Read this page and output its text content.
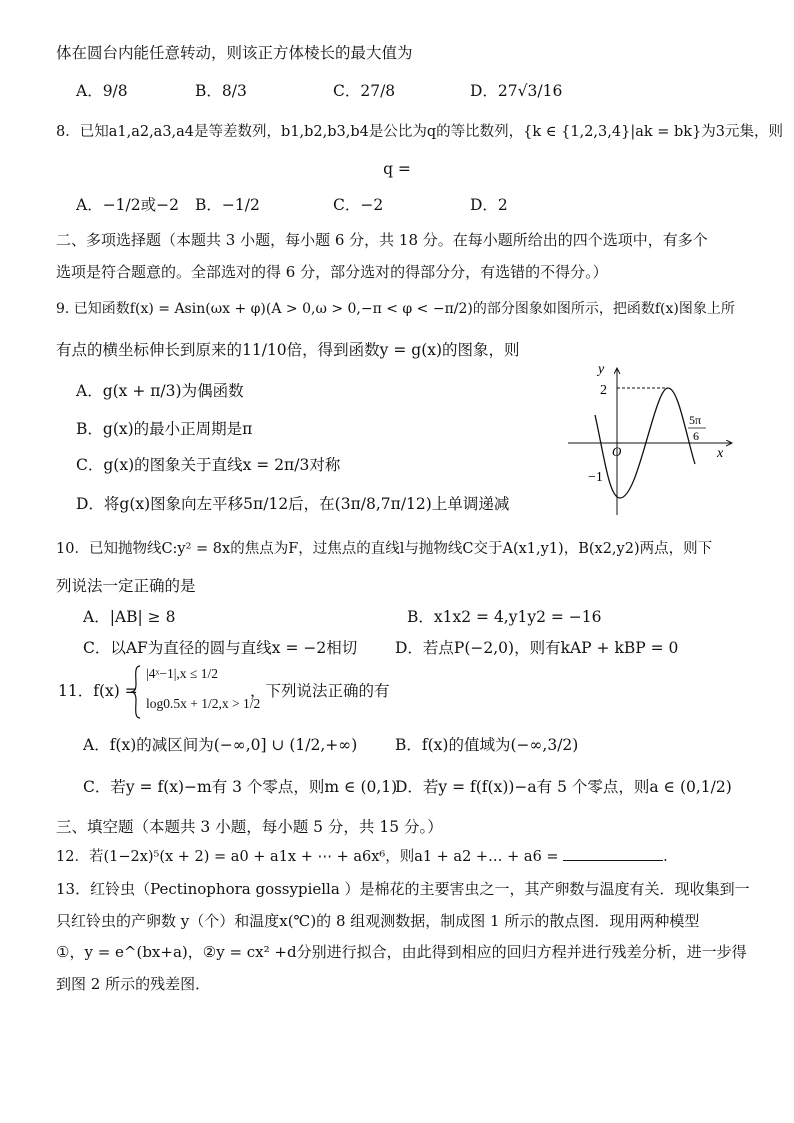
体在圆台内能任意转动，则该正方体棱长的最大值为
A．9/8	B．8/3	C．27/8	D．27√3/16
8．已知a1,a2,a3,a4是等差数列，b1,b2,b3,b4是公比为q的等比数列，{k ∈ {1,2,3,4}|ak = bk}为3元集，则
q =
A．−1/2或−2 B．−1/2	C．−2	D．2
二、多项选择题（本题共 3 小题，每小题 6 分，共 18 分。在每小题所给出的四个选项中，有多个
选项是符合题意的。全部选对的得 6 分，部分选对的得部分分，有选错的不得分。）
9. 已知函数f(x) = Asin(ωx + φ)(A > 0,ω > 0,−π < φ < −π/2)的部分图象如图所示，把函数f(x)图象上所
有点的横坐标伸长到原来的11/10倍，得到函数y = g(x)的图象，则
A．g(x + π/3)为偶函数
B．g(x)的最小正周期是π
C．g(x)的图象关于直线x = 2π/3对称
D．将g(x)图象向左平移5π/12后，在(3π/8,7π/12)上单调递减
y
x
O
2
−1
5π
6
10．已知抛物线C:y² = 8x的焦点为F，过焦点的直线l与抛物线C交于A(x1,y1)，B(x2,y2)两点，则下
列说法一定正确的是
A．|AB| ≥ 8	B．x1x2 = 4,y1y2 = −16
C．以AF为直径的圆与直线x = −2相切 D．若点P(−2,0)，则有kAP + kBP = 0
11．f(x) =
|4ˣ−1|,x ≤ 1/2
log0.5x + 1/2,x > 1/2
，下列说法正确的有
A．f(x)的减区间为(−∞,0] ∪ (1/2,+∞) B．f(x)的值域为(−∞,3/2)
C．若y = f(x)−m有 3 个零点，则m ∈ (0,1)
D．若y = f(f(x))−a有 5 个零点，则a ∈ (0,1/2)
三、填空题（本题共 3 小题，每小题 5 分，共 15 分。）
12．若(1−2x)⁵(x + 2) = a0 + a1x + ⋯ + a6x⁶，则a1 + a2 +… + a6 =	.
13．红铃虫（Pectinophora gossypiella ）是棉花的主要害虫之一，其产卵数与温度有关．现收集到一
只红铃虫的产卵数 y（个）和温度x(℃)的 8 组观测数据，制成图 1 所示的散点图．现用两种模型
①，y = e^(bx+a)，②y = cx² +d分别进行拟合，由此得到相应的回归方程并进行残差分析，进一步得
到图 2 所示的残差图．
